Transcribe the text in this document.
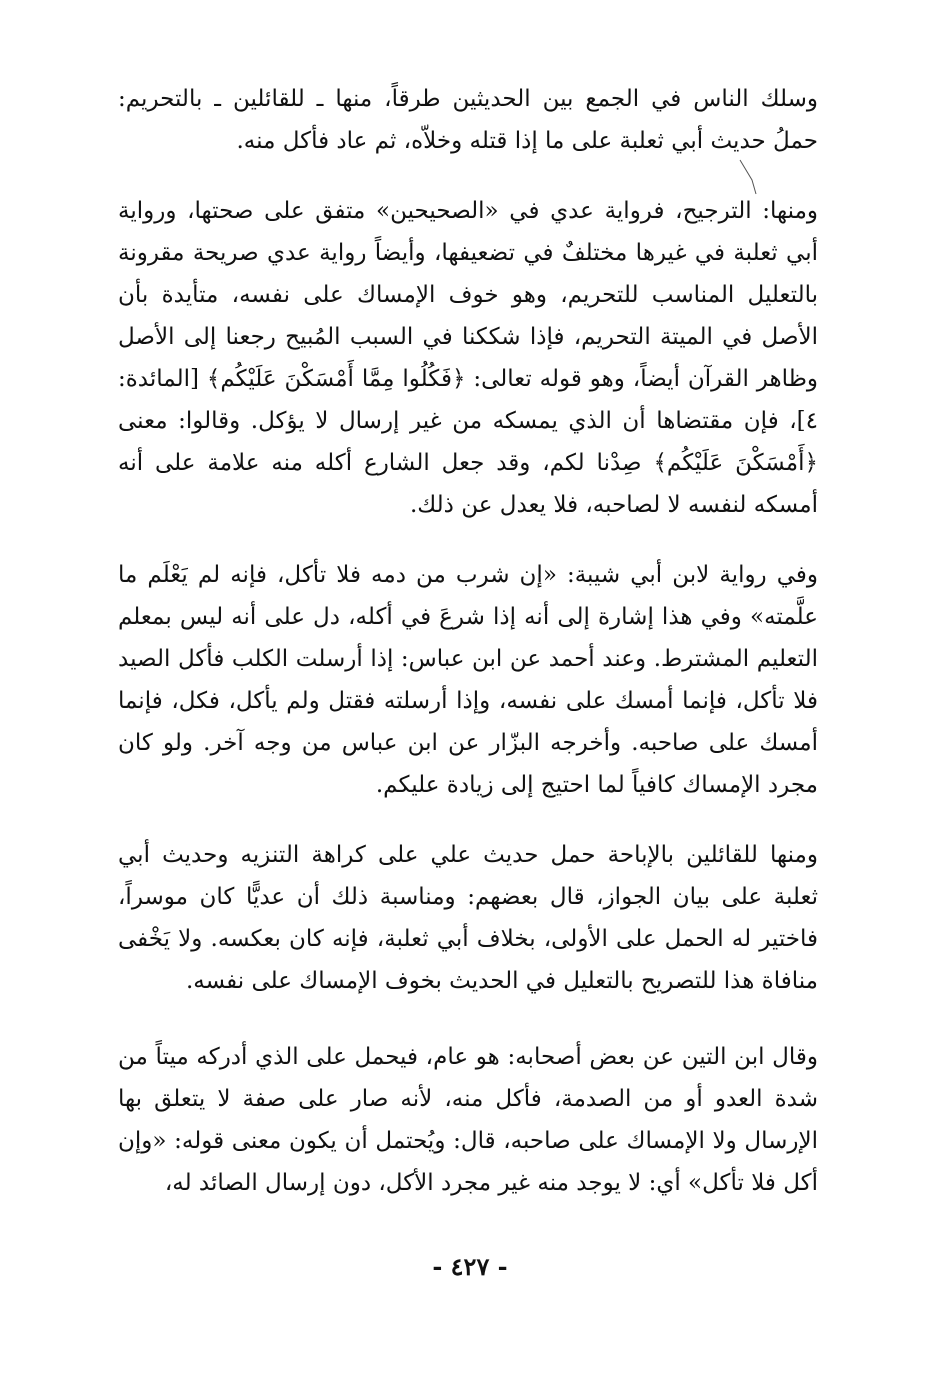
وسلك الناس في الجمع بين الحديثين طرقاً، منها ـ للقائلين ـ بالتحريم: حملُ حديث أبي ثعلبة على ما إذا قتله وخلاّه، ثم عاد فأكل منه.

ومنها: الترجيح، فرواية عدي في «الصحيحين» متفق على صحتها، ورواية أبي ثعلبة في غيرها مختلفٌ في تضعيفها، وأيضاً رواية عدي صريحة مقرونة بالتعليل المناسب للتحريم، وهو خوف الإمساك على نفسه، متأيدة بأن الأصل في الميتة التحريم، فإذا شككنا في السبب المُبيح رجعنا إلى الأصل وظاهر القرآن أيضاً، وهو قوله تعالى: ﴿فَكُلُوا مِمَّا أَمْسَكْنَ عَلَيْكُم﴾ [المائدة: ٤]، فإن مقتضاها أن الذي يمسكه من غير إرسال لا يؤكل. وقالوا: معنى ﴿أَمْسَكْنَ عَلَيْكُم﴾ صِدْنا لكم، وقد جعل الشارع أكله منه علامة على أنه أمسكه لنفسه لا لصاحبه، فلا يعدل عن ذلك.

وفي رواية لابن أبي شيبة: «إن شرب من دمه فلا تأكل، فإنه لم يَعْلَم ما علَّمته» وفي هذا إشارة إلى أنه إذا شرعَ في أكله، دل على أنه ليس بمعلم التعليم المشترط. وعند أحمد عن ابن عباس: إذا أرسلت الكلب فأكل الصيد فلا تأكل، فإنما أمسك على نفسه، وإذا أرسلته فقتل ولم يأكل، فكل، فإنما أمسك على صاحبه. وأخرجه البزّار عن ابن عباس من وجه آخر. ولو كان مجرد الإمساك كافياً لما احتيج إلى زيادة عليكم.

ومنها للقائلين بالإباحة حمل حديث علي على كراهة التنزيه وحديث أبي ثعلبة على بيان الجواز، قال بعضهم: ومناسبة ذلك أن عديًّا كان موسراً، فاختير له الحمل على الأولى، بخلاف أبي ثعلبة، فإنه كان بعكسه. ولا يَخْفى منافاة هذا للتصريح بالتعليل في الحديث بخوف الإمساك على نفسه.

وقال ابن التين عن بعض أصحابه: هو عام، فيحمل على الذي أدركه ميتاً من شدة العدو أو من الصدمة، فأكل منه، لأنه صار على صفة لا يتعلق بها الإرسال ولا الإمساك على صاحبه، قال: ويُحتمل أن يكون معنى قوله: «وإن أكل فلا تأكل» أي: لا يوجد منه غير مجرد الأكل، دون إرسال الصائد له،

- ٤٢٧ -
